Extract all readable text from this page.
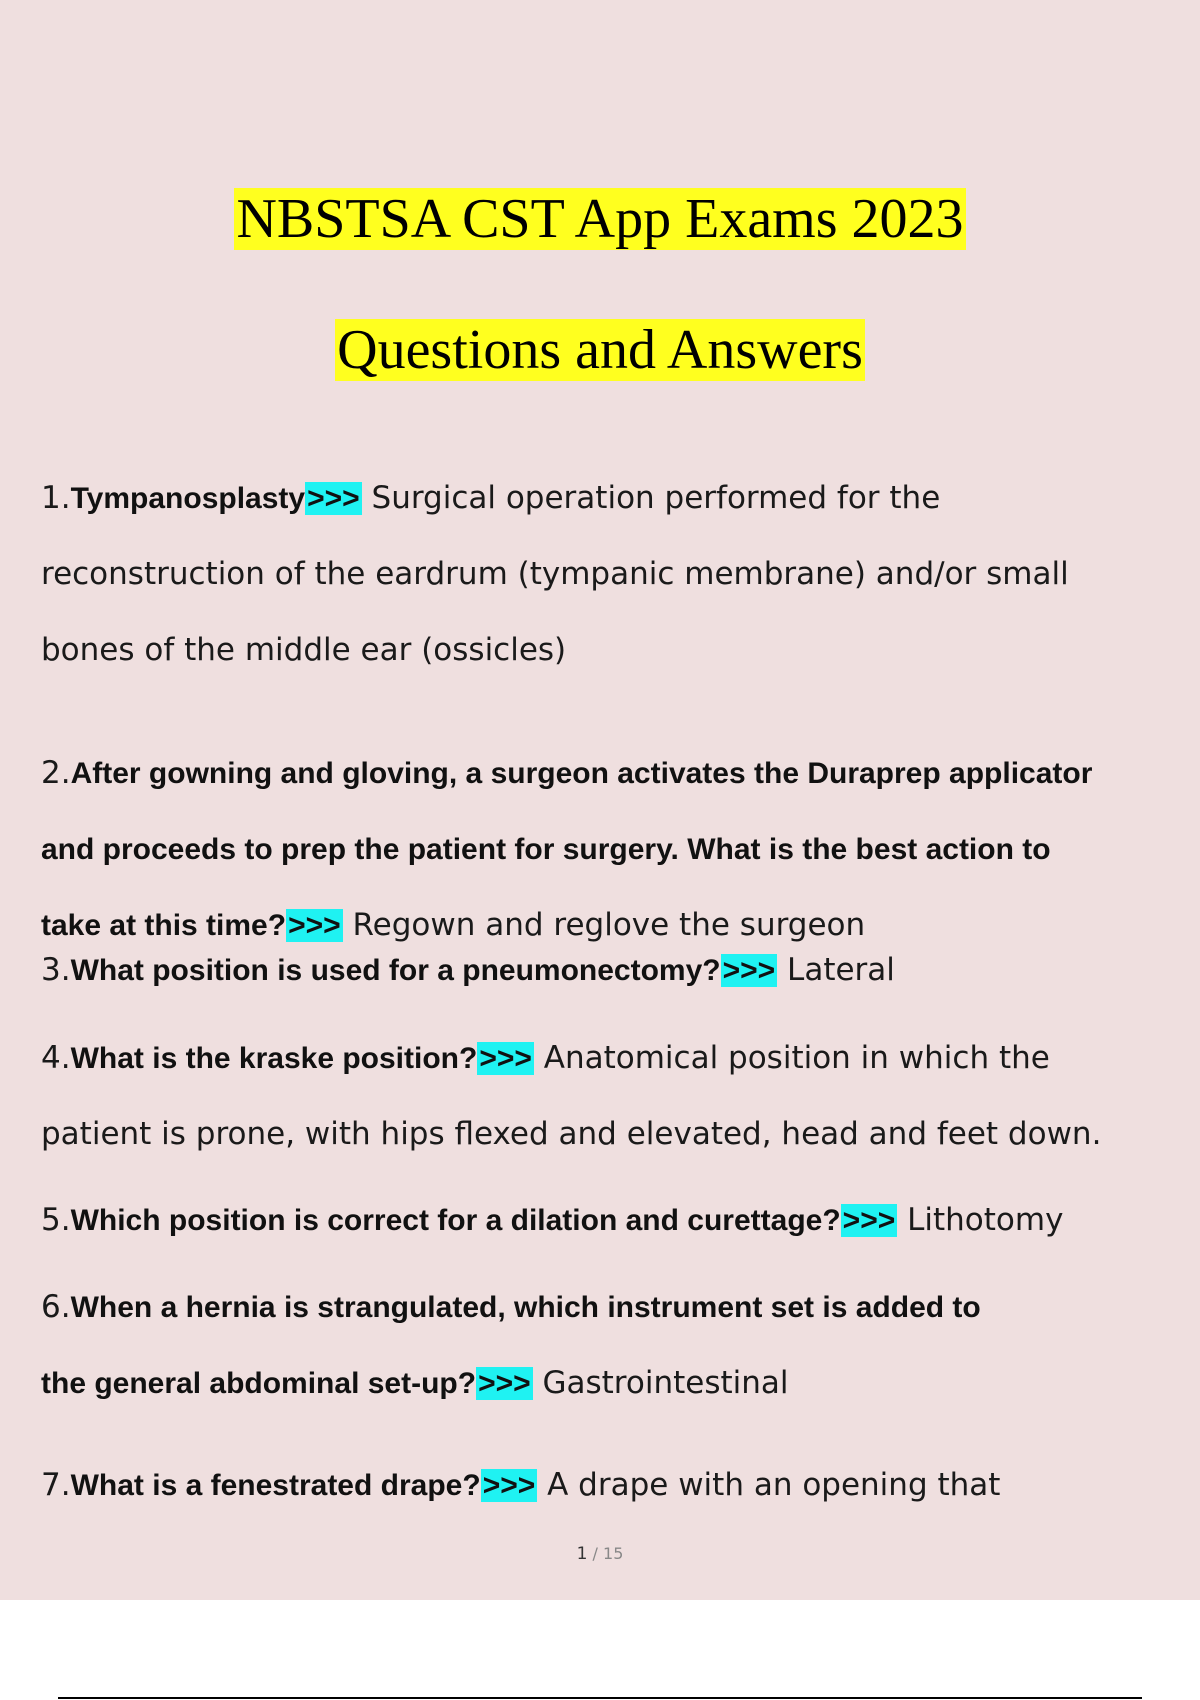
NBSTSA CST App Exams 2023
Questions and Answers
1.Tympanosplasty>>> Surgical operation performed for the
reconstruction of the eardrum (tympanic membrane) and/or small
bones of the middle ear (ossicles)
2.After gowning and gloving, a surgeon activates the Duraprep applicator
and proceeds to prep the patient for surgery. What is the best action to
take at this time?>>> Regown and reglove the surgeon
3.What position is used for a pneumonectomy?>>> Lateral
4.What is the kraske position?>>> Anatomical position in which the
patient is prone, with hips flexed and elevated, head and feet down.
5.Which position is correct for a dilation and curettage?>>> Lithotomy
6.When a hernia is strangulated, which instrument set is added to
the general abdominal set-up?>>> Gastrointestinal
7.What is a fenestrated drape?>>> A drape with an opening that
1 / 15
